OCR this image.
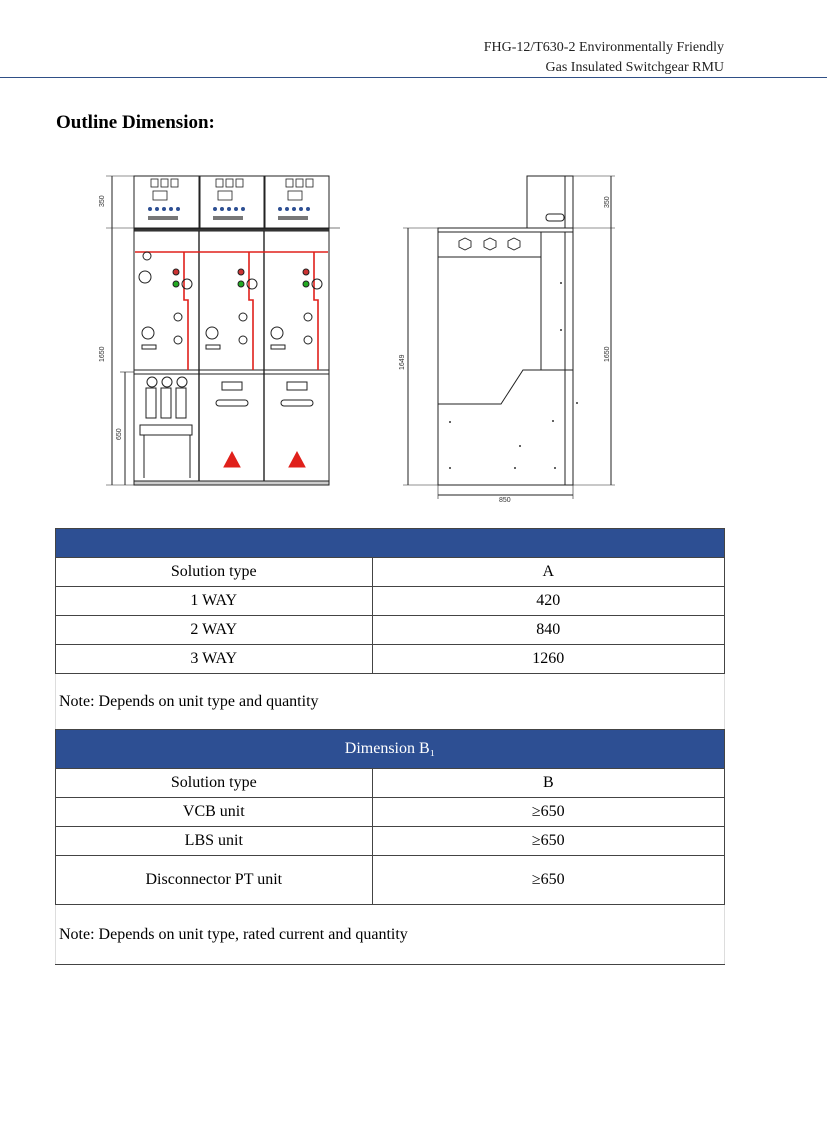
FHG-12/T630-2 Environmentally Friendly
Gas Insulated Switchgear RMU
Outline Dimension:
350
1650
650
1649
350
1650
850

Solution type	A
1 WAY	420
2 WAY	840
3 WAY	1260
Note: Depends on unit type and quantity	
Dimension B₁	
Solution type	B
VCB unit	≥650
LBS unit	≥650
Disconnector PT unit	≥650
Note: Depends on unit type, rated current and quantity	
